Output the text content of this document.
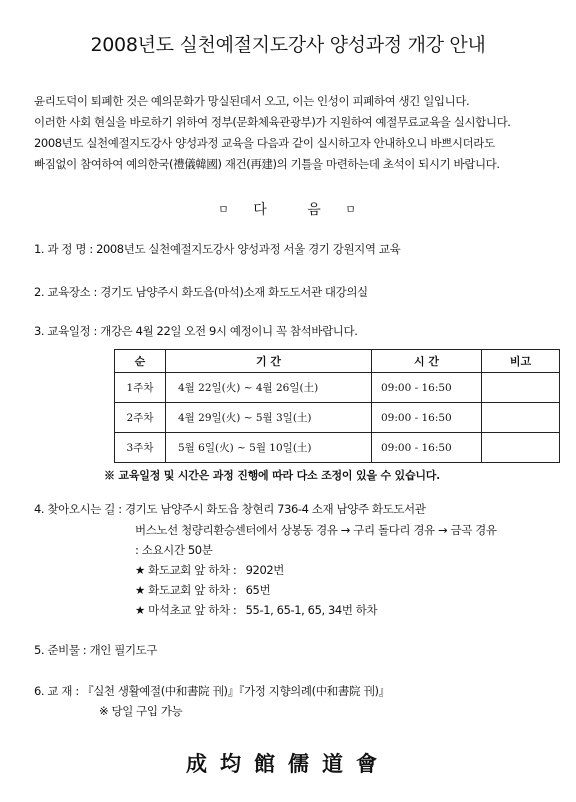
2008년도 실천예절지도강사 양성과정 개강 안내
윤리도덕이 퇴폐한 것은 예의문화가 망실된데서 오고, 이는 인성이 피폐하여 생긴 일입니다.
이러한 사회 현실을 바로하기 위하여 정부(문화체육관광부)가 지원하여 예절무료교육을 실시합니다.
2008년도 실천예절지도강사 양성과정 교육을 다음과 같이 실시하고자 안내하오니 바쁘시더라도
빠짐없이 참여하여 예의한국(禮儀韓國) 재건(再建)의 기틀을 마련하는데 초석이 되시기 바랍니다.
ㅁ 다	음 ㅁ
1. 과 정 명 : 2008년도 실천예절지도강사 양성과정 서울 경기 강원지역 교육
2. 교육장소 : 경기도 남양주시 화도읍(마석)소재 화도도서관 대강의실
3. 교육일정 : 개강은 4월 22일 오전 9시 예정이니 꼭 참석바랍니다.
순	기 간	시 간	비고
1주차	4월 22일(火) ~ 4월 26일(土)	09:00 - 16:50	
2주차	4월 29일(火) ~ 5월 3일(土)	09:00 - 16:50	
3주차	5월 6일(火) ~ 5월 10일(土)	09:00 - 16:50	
※ 교육일정 및 시간은 과정 진행에 따라 다소 조정이 있을 수 있습니다.
4. 찾아오시는 길 : 경기도 남양주시 화도읍 창현리 736-4 소재 남양주 화도도서관
버스노선 청량리환승센터에서 상봉동 경유 → 구리 돌다리 경유 → 금곡 경유
: 소요시간 50분
★ 화도교회 앞 하차 : 9202번
★ 화도교회 앞 하차 : 65번
★ 마석초교 앞 하차 : 55-1, 65-1, 65, 34번 하차
5. 준비물 : 개인 필기도구
6. 교 재 : 『실천 생활예절(中和書院 刊)』『가정 지향의례(中和書院 刊)』
※ 당일 구입 가능
成均館儒道會
